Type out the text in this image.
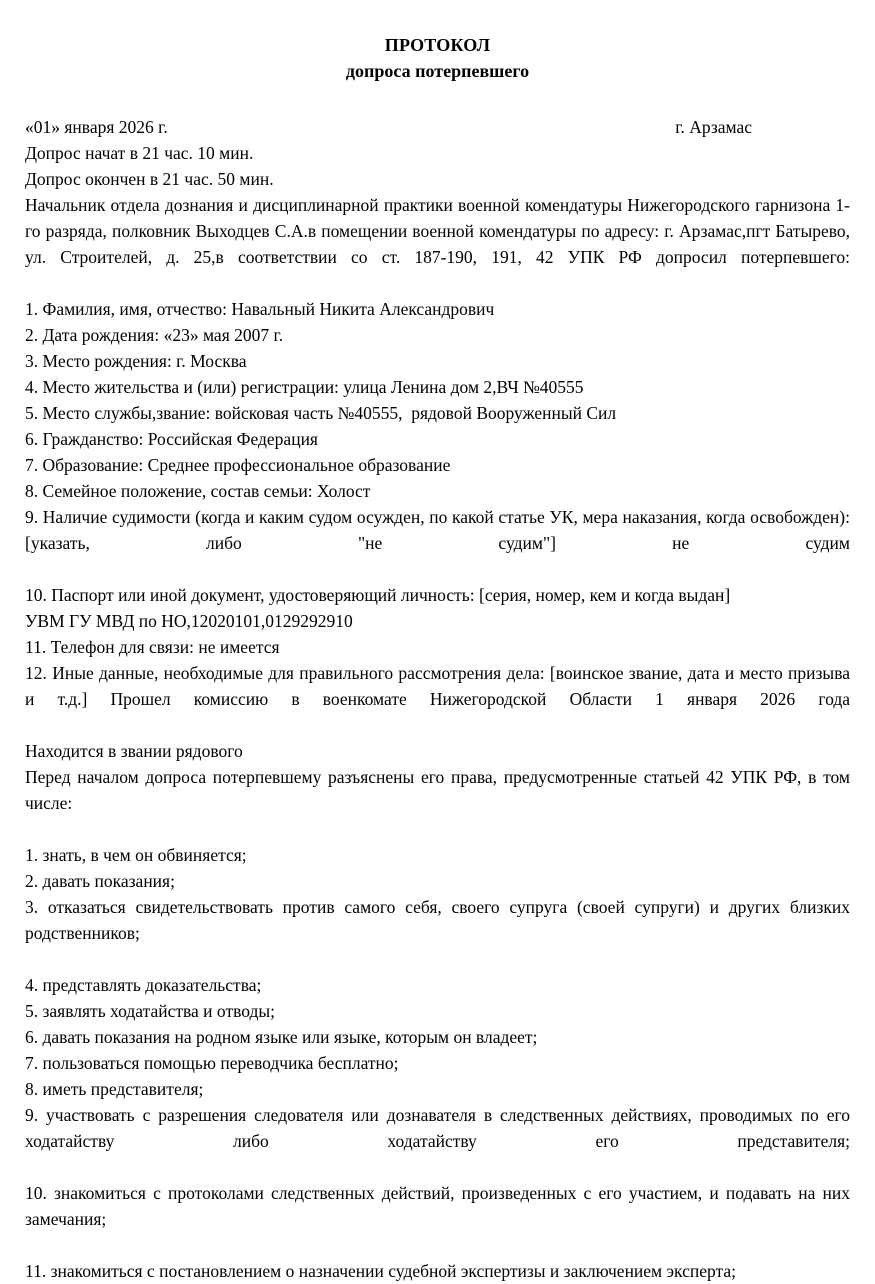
ПРОТОКОЛ
допроса потерпевшего
«01» января 2026 г.	г. Арзамас

Допрос начат в 21 час. 10 мин.

Допрос окончен в 21 час. 50 мин.

Начальник отдела дознания и дисциплинарной практики военной комендатуры Нижегородского гарнизона 1-го разряда, полковник Выходцев С.А.в помещении военной комендатуры по адресу: г. Арзамас,пгт Батырево, ул. Строителей, д. 25,в соответствии со ст. 187-190, 191, 42 УПК РФ допросил потерпевшего:

1. Фамилия, имя, отчество: Навальный Никита Александрович

2. Дата рождения: «23» мая 2007 г.

3. Место рождения: г. Москва

4. Место жительства и (или) регистрации: улица Ленина дом 2,ВЧ №40555

5. Место службы,звание: войсковая часть №40555,  рядовой Вооруженный Сил

6. Гражданство: Российская Федерация

7. Образование: Среднее профессиональное образование

8. Семейное положение, состав семьи: Холост

9. Наличие судимости (когда и каким судом осужден, по какой статье УК, мера наказания, когда освобожден): [указать, либо "не судим"] не судим

10. Паспорт или иной документ, удостоверяющий личность: [серия, номер, кем и когда выдан]

УВМ ГУ МВД по НО,12020101,0129292910

11. Телефон для связи: не имеется

12. Иные данные, необходимые для правильного рассмотрения дела: [воинское звание, дата и место призыва и т.д.] Прошел комиссию в военкомате Нижегородской Области 1 января 2026 года

Находится в звании рядового

Перед началом допроса потерпевшему разъяснены его права, предусмотренные статьей 42 УПК РФ, в том числе:

1. знать, в чем он обвиняется;

2. давать показания;

3. отказаться свидетельствовать против самого себя, своего супруга (своей супруги) и других близких родственников;

4. представлять доказательства;

5. заявлять ходатайства и отводы;

6. давать показания на родном языке или языке, которым он владеет;

7. пользоваться помощью переводчика бесплатно;

8. иметь представителя;

9. участвовать с разрешения следователя или дознавателя в следственных действиях, проводимых по его ходатайству либо ходатайству его представителя;

10. знакомиться с протоколами следственных действий, произведенных с его участием, и подавать на них замечания;

11. знакомиться с постановлением о назначении судебной экспертизы и заключением эксперта;
